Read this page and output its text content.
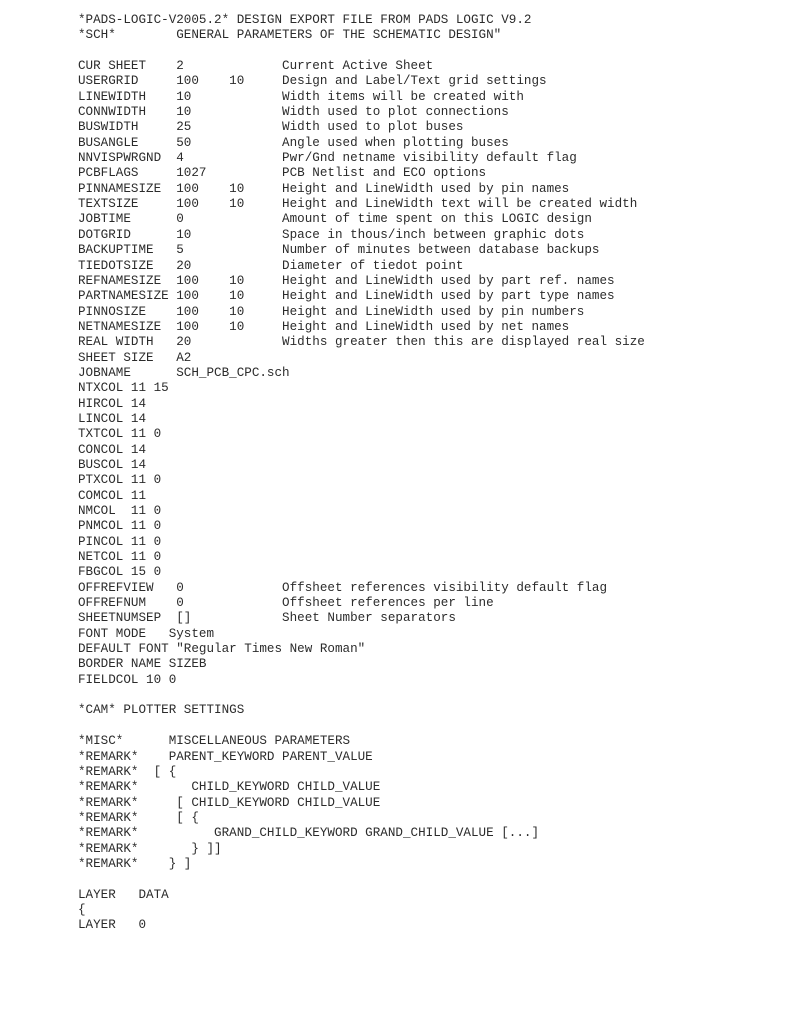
*PADS-LOGIC-V2005.2* DESIGN EXPORT FILE FROM PADS LOGIC V9.2
*SCH*        GENERAL PARAMETERS OF THE SCHEMATIC DESIGN"
CUR SHEET    2             Current Active Sheet
USERGRID     100    10     Design and Label/Text grid settings
LINEWIDTH    10            Width items will be created with
CONNWIDTH    10            Width used to plot connections
BUSWIDTH     25            Width used to plot buses
BUSANGLE     50            Angle used when plotting buses
NNVISPWRGND  4             Pwr/Gnd netname visibility default flag
PCBFLAGS     1027          PCB Netlist and ECO options
PINNAMESIZE  100    10     Height and LineWidth used by pin names
TEXTSIZE     100    10     Height and LineWidth text will be created width
JOBTIME      0             Amount of time spent on this LOGIC design
DOTGRID      10            Space in thous/inch between graphic dots
BACKUPTIME   5             Number of minutes between database backups
TIEDOTSIZE   20            Diameter of tiedot point
REFNAMESIZE  100    10     Height and LineWidth used by part ref. names
PARTNAMESIZE 100    10     Height and LineWidth used by part type names
PINNOSIZE    100    10     Height and LineWidth used by pin numbers
NETNAMESIZE  100    10     Height and LineWidth used by net names
REAL WIDTH   20            Widths greater then this are displayed real size
SHEET SIZE   A2
JOBNAME      SCH_PCB_CPC.sch
NTXCOL 11 15
HIRCOL 14
LINCOL 14
TXTCOL 11 0
CONCOL 14
BUSCOL 14
PTXCOL 11 0
COMCOL 11
NMCOL  11 0
PNMCOL 11 0
PINCOL 11 0
NETCOL 11 0
FBGCOL 15 0
OFFREFVIEW   0             Offsheet references visibility default flag
OFFREFNUM    0             Offsheet references per line
SHEETNUMSEP  []            Sheet Number separators
FONT MODE   System
DEFAULT FONT "Regular Times New Roman"
BORDER NAME SIZEB
FIELDCOL 10 0
*CAM* PLOTTER SETTINGS
*MISC*      MISCELLANEOUS PARAMETERS
*REMARK*    PARENT_KEYWORD PARENT_VALUE
*REMARK*  [ {
*REMARK*       CHILD_KEYWORD CHILD_VALUE
*REMARK*     [ CHILD_KEYWORD CHILD_VALUE
*REMARK*     [ {
*REMARK*          GRAND_CHILD_KEYWORD GRAND_CHILD_VALUE [...]
*REMARK*       } ]]
*REMARK*    } ]
LAYER   DATA
{
LAYER   0
